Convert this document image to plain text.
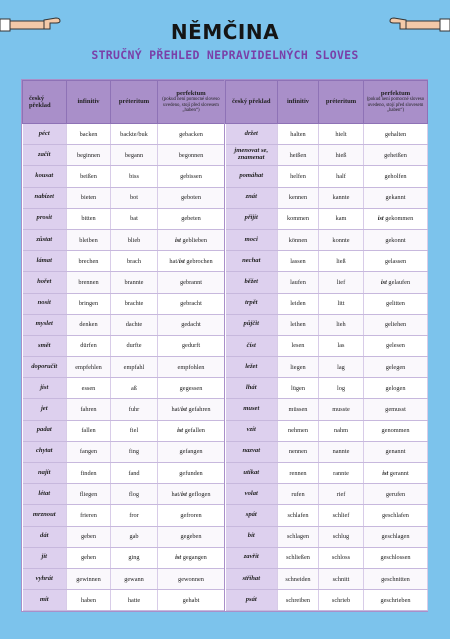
NĚMČINA
STRUČNÝ PŘEHLED NEPRAVIDELNÝCH SLOVES
český překlad	infinitiv	préteritum	perfektum
(pokud není pomocné sloveso uvedeno, stojí před slovesem „haben“)

péct	backen	backte/buk	gebacken
začít	beginnen	begann	begonnen
kousat	beißen	biss	gebissen
nabízet	bieten	bot	geboten
prosit	bitten	bat	gebeten
zůstat	bleiben	blieb	ist geblieben
lámat	brechen	brach	hat/ist gebrochen
hořet	brennen	brannte	gebrannt
nosit	bringen	brachte	gebracht
myslet	denken	dachte	gedacht
smět	dürfen	durfte	gedurft
doporučit	empfehlen	empfahl	empfohlen
jíst	essen	aß	gegessen
jet	fahren	fuhr	hat/ist gefahren
padat	fallen	fiel	ist gefallen
chytat	fangen	fing	gefangen
najít	finden	fand	gefunden
létat	fliegen	flog	hat/ist geflogen
mrznout	frieren	fror	gefroren
dát	geben	gab	gegeben
jít	gehen	ging	ist gegangen
vyhrát	gewinnen	gewann	gewonnen
mít	haben	hatte	gehabt
český překlad	infinitiv	préteritum	perfektum
(pokud není pomocné sloveso uvedeno, stojí před slovesem „haben“)

držet	halten	hielt	gehalten
jmenovat se, znamenat	heißen	hieß	geheißen
pomáhat	helfen	half	geholfen
znát	kennen	kannte	gekannt
přijít	kommen	kam	ist gekommen
moci	können	konnte	gekonnt
nechat	lassen	ließ	gelassen
běžet	laufen	lief	ist gelaufen
trpět	leiden	litt	gelitten
půjčit	leihen	lieh	geliehen
číst	lesen	las	gelesen
ležet	liegen	lag	gelegen
lhát	lügen	log	gelogen
muset	müssen	musste	gemusst
vzít	nehmen	nahm	genommen
nazvat	nennen	nannte	genannt
utíkat	rennen	rannte	ist gerannt
volat	rufen	rief	gerufen
spát	schlafen	schlief	geschlafen
bít	schlagen	schlug	geschlagen
zavřít	schließen	schloss	geschlossen
stříhat	schneiden	schnitt	geschnitten
psát	schreiben	schrieb	geschrieben
